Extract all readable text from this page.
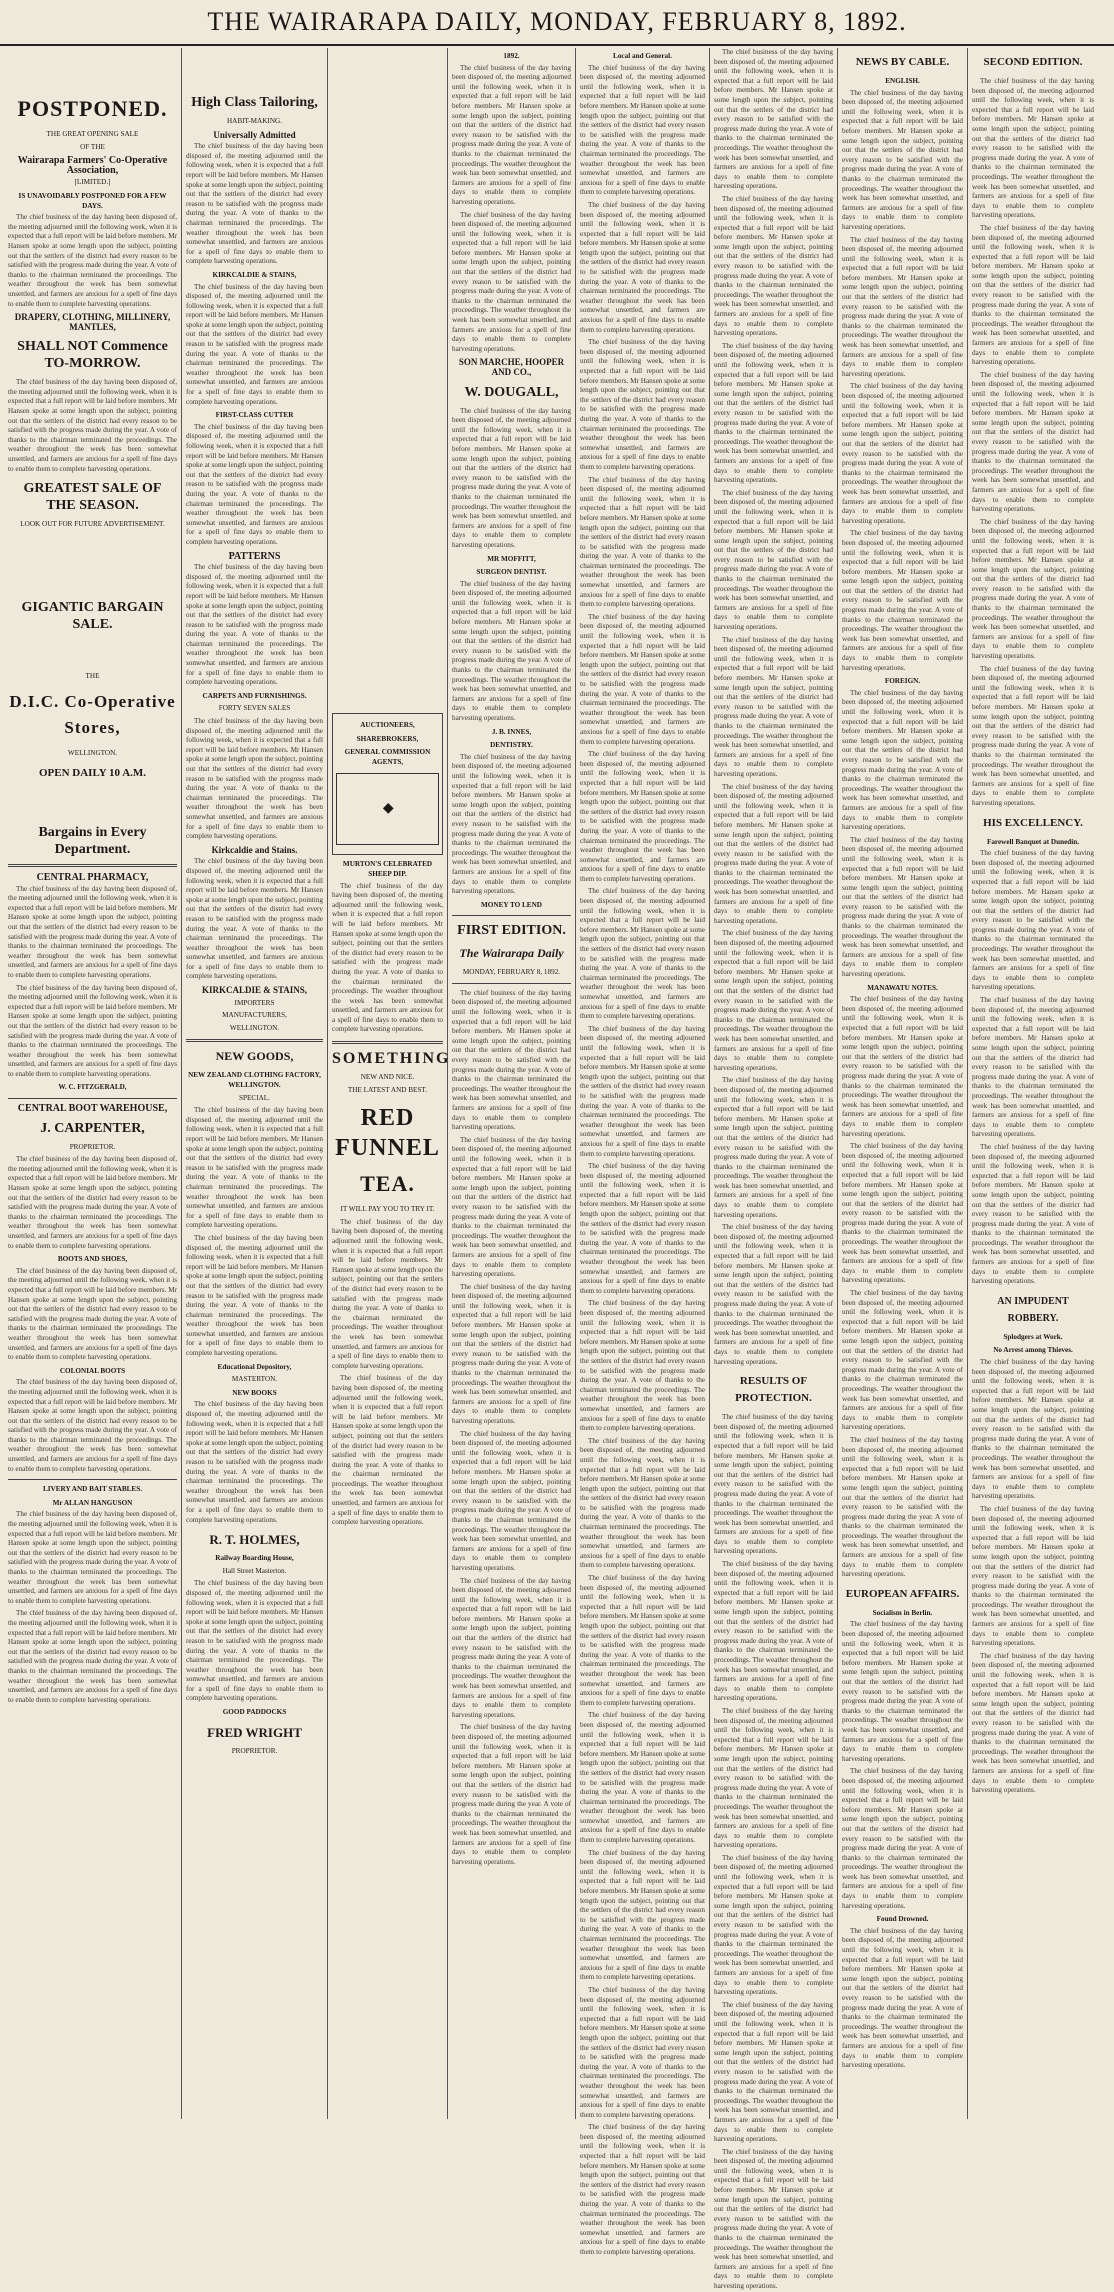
THE WAIRARAPA DAILY, MONDAY, FEBRUARY 8, 1892.
POSTPONED.
THE GREAT OPENING SALE
OF THE
Wairarapa Farmers' Co-Operative Association,
[LIMITED.]
IS UNAVOIDABLY POSTPONED FOR A FEW DAYS.

The chief business of the day having been disposed of, the meeting adjourned until the following week, when it is expected that a full report will be laid before members. Mr Hansen spoke at some length upon the subject, pointing out that the settlers of the district had every reason to be satisfied with the progress made during the year. A vote of thanks to the chairman terminated the proceedings. The weather throughout the week has been somewhat unsettled, and farmers are anxious for a spell of fine days to enable them to complete harvesting operations.

DRAPERY, CLOTHING, MILLINERY, MANTLES,
SHALL NOT Commence TO-MORROW.

The chief business of the day having been disposed of, the meeting adjourned until the following week, when it is expected that a full report will be laid before members. Mr Hansen spoke at some length upon the subject, pointing out that the settlers of the district had every reason to be satisfied with the progress made during the year. A vote of thanks to the chairman terminated the proceedings. The weather throughout the week has been somewhat unsettled, and farmers are anxious for a spell of fine days to enable them to complete harvesting operations.

GREATEST SALE OF THE SEASON.
LOOK OUT FOR FUTURE ADVERTISEMENT.
GIGANTIC BARGAIN SALE.
THE
D.I.C. Co-Operative Stores,
WELLINGTON.
OPEN DAILY 10 A.M.
Bargains in Every Department.
CENTRAL PHARMACY,

The chief business of the day having been disposed of, the meeting adjourned until the following week, when it is expected that a full report will be laid before members. Mr Hansen spoke at some length upon the subject, pointing out that the settlers of the district had every reason to be satisfied with the progress made during the year. A vote of thanks to the chairman terminated the proceedings. The weather throughout the week has been somewhat unsettled, and farmers are anxious for a spell of fine days to enable them to complete harvesting operations.

The chief business of the day having been disposed of, the meeting adjourned until the following week, when it is expected that a full report will be laid before members. Mr Hansen spoke at some length upon the subject, pointing out that the settlers of the district had every reason to be satisfied with the progress made during the year. A vote of thanks to the chairman terminated the proceedings. The weather throughout the week has been somewhat unsettled, and farmers are anxious for a spell of fine days to enable them to complete harvesting operations.

W. C. FITZGERALD,
CENTRAL BOOT WAREHOUSE,
J. CARPENTER,
PROPRIETOR.

The chief business of the day having been disposed of, the meeting adjourned until the following week, when it is expected that a full report will be laid before members. Mr Hansen spoke at some length upon the subject, pointing out that the settlers of the district had every reason to be satisfied with the progress made during the year. A vote of thanks to the chairman terminated the proceedings. The weather throughout the week has been somewhat unsettled, and farmers are anxious for a spell of fine days to enable them to complete harvesting operations.

BOOTS AND SHOES,

The chief business of the day having been disposed of, the meeting adjourned until the following week, when it is expected that a full report will be laid before members. Mr Hansen spoke at some length upon the subject, pointing out that the settlers of the district had every reason to be satisfied with the progress made during the year. A vote of thanks to the chairman terminated the proceedings. The weather throughout the week has been somewhat unsettled, and farmers are anxious for a spell of fine days to enable them to complete harvesting operations.

COLONIAL BOOTS

The chief business of the day having been disposed of, the meeting adjourned until the following week, when it is expected that a full report will be laid before members. Mr Hansen spoke at some length upon the subject, pointing out that the settlers of the district had every reason to be satisfied with the progress made during the year. A vote of thanks to the chairman terminated the proceedings. The weather throughout the week has been somewhat unsettled, and farmers are anxious for a spell of fine days to enable them to complete harvesting operations.

LIVERY AND BAIT STABLES.
Mr ALLAN HANGUSON

The chief business of the day having been disposed of, the meeting adjourned until the following week, when it is expected that a full report will be laid before members. Mr Hansen spoke at some length upon the subject, pointing out that the settlers of the district had every reason to be satisfied with the progress made during the year. A vote of thanks to the chairman terminated the proceedings. The weather throughout the week has been somewhat unsettled, and farmers are anxious for a spell of fine days to enable them to complete harvesting operations.

The chief business of the day having been disposed of, the meeting adjourned until the following week, when it is expected that a full report will be laid before members. Mr Hansen spoke at some length upon the subject, pointing out that the settlers of the district had every reason to be satisfied with the progress made during the year. A vote of thanks to the chairman terminated the proceedings. The weather throughout the week has been somewhat unsettled, and farmers are anxious for a spell of fine days to enable them to complete harvesting operations.

High Class Tailoring,
HABIT-MAKING.
Universally Admitted

The chief business of the day having been disposed of, the meeting adjourned until the following week, when it is expected that a full report will be laid before members. Mr Hansen spoke at some length upon the subject, pointing out that the settlers of the district had every reason to be satisfied with the progress made during the year. A vote of thanks to the chairman terminated the proceedings. The weather throughout the week has been somewhat unsettled, and farmers are anxious for a spell of fine days to enable them to complete harvesting operations.

KIRKCALDIE & STAINS,

The chief business of the day having been disposed of, the meeting adjourned until the following week, when it is expected that a full report will be laid before members. Mr Hansen spoke at some length upon the subject, pointing out that the settlers of the district had every reason to be satisfied with the progress made during the year. A vote of thanks to the chairman terminated the proceedings. The weather throughout the week has been somewhat unsettled, and farmers are anxious for a spell of fine days to enable them to complete harvesting operations.

FIRST-CLASS CUTTER

The chief business of the day having been disposed of, the meeting adjourned until the following week, when it is expected that a full report will be laid before members. Mr Hansen spoke at some length upon the subject, pointing out that the settlers of the district had every reason to be satisfied with the progress made during the year. A vote of thanks to the chairman terminated the proceedings. The weather throughout the week has been somewhat unsettled, and farmers are anxious for a spell of fine days to enable them to complete harvesting operations.

PATTERNS

The chief business of the day having been disposed of, the meeting adjourned until the following week, when it is expected that a full report will be laid before members. Mr Hansen spoke at some length upon the subject, pointing out that the settlers of the district had every reason to be satisfied with the progress made during the year. A vote of thanks to the chairman terminated the proceedings. The weather throughout the week has been somewhat unsettled, and farmers are anxious for a spell of fine days to enable them to complete harvesting operations.

CARPETS AND FURNISHINGS.
FORTY SEVEN SALES

The chief business of the day having been disposed of, the meeting adjourned until the following week, when it is expected that a full report will be laid before members. Mr Hansen spoke at some length upon the subject, pointing out that the settlers of the district had every reason to be satisfied with the progress made during the year. A vote of thanks to the chairman terminated the proceedings. The weather throughout the week has been somewhat unsettled, and farmers are anxious for a spell of fine days to enable them to complete harvesting operations.

Kirkcaldie and Stains.

The chief business of the day having been disposed of, the meeting adjourned until the following week, when it is expected that a full report will be laid before members. Mr Hansen spoke at some length upon the subject, pointing out that the settlers of the district had every reason to be satisfied with the progress made during the year. A vote of thanks to the chairman terminated the proceedings. The weather throughout the week has been somewhat unsettled, and farmers are anxious for a spell of fine days to enable them to complete harvesting operations.

KIRKCALDIE & STAINS,
IMPORTERS
MANUFACTURERS,
WELLINGTON.
NEW GOODS,
NEW ZEALAND CLOTHING FACTORY, WELLINGTON.
SPECIAL.

The chief business of the day having been disposed of, the meeting adjourned until the following week, when it is expected that a full report will be laid before members. Mr Hansen spoke at some length upon the subject, pointing out that the settlers of the district had every reason to be satisfied with the progress made during the year. A vote of thanks to the chairman terminated the proceedings. The weather throughout the week has been somewhat unsettled, and farmers are anxious for a spell of fine days to enable them to complete harvesting operations.

The chief business of the day having been disposed of, the meeting adjourned until the following week, when it is expected that a full report will be laid before members. Mr Hansen spoke at some length upon the subject, pointing out that the settlers of the district had every reason to be satisfied with the progress made during the year. A vote of thanks to the chairman terminated the proceedings. The weather throughout the week has been somewhat unsettled, and farmers are anxious for a spell of fine days to enable them to complete harvesting operations.

Educational Depository,
MASTERTON.
NEW BOOKS

The chief business of the day having been disposed of, the meeting adjourned until the following week, when it is expected that a full report will be laid before members. Mr Hansen spoke at some length upon the subject, pointing out that the settlers of the district had every reason to be satisfied with the progress made during the year. A vote of thanks to the chairman terminated the proceedings. The weather throughout the week has been somewhat unsettled, and farmers are anxious for a spell of fine days to enable them to complete harvesting operations.

R. T. HOLMES,
Railway Boarding House,
Hall Street Masterton.

The chief business of the day having been disposed of, the meeting adjourned until the following week, when it is expected that a full report will be laid before members. Mr Hansen spoke at some length upon the subject, pointing out that the settlers of the district had every reason to be satisfied with the progress made during the year. A vote of thanks to the chairman terminated the proceedings. The weather throughout the week has been somewhat unsettled, and farmers are anxious for a spell of fine days to enable them to complete harvesting operations.

GOOD PADDOCKS
FRED WRIGHT
PROPRIETOR.
AUCTIONEERS,
SHAREBROKERS,
GENERAL COMMISSION AGENTS,
◆
MURTON'S CELEBRATED SHEEP DIP.

The chief business of the day having been disposed of, the meeting adjourned until the following week, when it is expected that a full report will be laid before members. Mr Hansen spoke at some length upon the subject, pointing out that the settlers of the district had every reason to be satisfied with the progress made during the year. A vote of thanks to the chairman terminated the proceedings. The weather throughout the week has been somewhat unsettled, and farmers are anxious for a spell of fine days to enable them to complete harvesting operations.

SOMETHING
NEW AND NICE.
THE LATEST AND BEST.
RED FUNNEL
TEA.
IT WILL PAY YOU TO TRY IT.

The chief business of the day having been disposed of, the meeting adjourned until the following week, when it is expected that a full report will be laid before members. Mr Hansen spoke at some length upon the subject, pointing out that the settlers of the district had every reason to be satisfied with the progress made during the year. A vote of thanks to the chairman terminated the proceedings. The weather throughout the week has been somewhat unsettled, and farmers are anxious for a spell of fine days to enable them to complete harvesting operations.

The chief business of the day having been disposed of, the meeting adjourned until the following week, when it is expected that a full report will be laid before members. Mr Hansen spoke at some length upon the subject, pointing out that the settlers of the district had every reason to be satisfied with the progress made during the year. A vote of thanks to the chairman terminated the proceedings. The weather throughout the week has been somewhat unsettled, and farmers are anxious for a spell of fine days to enable them to complete harvesting operations.

1892.

The chief business of the day having been disposed of, the meeting adjourned until the following week, when it is expected that a full report will be laid before members. Mr Hansen spoke at some length upon the subject, pointing out that the settlers of the district had every reason to be satisfied with the progress made during the year. A vote of thanks to the chairman terminated the proceedings. The weather throughout the week has been somewhat unsettled, and farmers are anxious for a spell of fine days to enable them to complete harvesting operations.

The chief business of the day having been disposed of, the meeting adjourned until the following week, when it is expected that a full report will be laid before members. Mr Hansen spoke at some length upon the subject, pointing out that the settlers of the district had every reason to be satisfied with the progress made during the year. A vote of thanks to the chairman terminated the proceedings. The weather throughout the week has been somewhat unsettled, and farmers are anxious for a spell of fine days to enable them to complete harvesting operations.

SON MARCHE, HOOPER AND CO.,
W. DOUGALL,

The chief business of the day having been disposed of, the meeting adjourned until the following week, when it is expected that a full report will be laid before members. Mr Hansen spoke at some length upon the subject, pointing out that the settlers of the district had every reason to be satisfied with the progress made during the year. A vote of thanks to the chairman terminated the proceedings. The weather throughout the week has been somewhat unsettled, and farmers are anxious for a spell of fine days to enable them to complete harvesting operations.

MR MOFFITT,
SURGEON DENTIST.

The chief business of the day having been disposed of, the meeting adjourned until the following week, when it is expected that a full report will be laid before members. Mr Hansen spoke at some length upon the subject, pointing out that the settlers of the district had every reason to be satisfied with the progress made during the year. A vote of thanks to the chairman terminated the proceedings. The weather throughout the week has been somewhat unsettled, and farmers are anxious for a spell of fine days to enable them to complete harvesting operations.

J. B. INNES,
DENTISTRY.

The chief business of the day having been disposed of, the meeting adjourned until the following week, when it is expected that a full report will be laid before members. Mr Hansen spoke at some length upon the subject, pointing out that the settlers of the district had every reason to be satisfied with the progress made during the year. A vote of thanks to the chairman terminated the proceedings. The weather throughout the week has been somewhat unsettled, and farmers are anxious for a spell of fine days to enable them to complete harvesting operations.

MONEY TO LEND
FIRST EDITION.
The Wairarapa Daily
MONDAY, FEBRUARY 8, 1892.

The chief business of the day having been disposed of, the meeting adjourned until the following week, when it is expected that a full report will be laid before members. Mr Hansen spoke at some length upon the subject, pointing out that the settlers of the district had every reason to be satisfied with the progress made during the year. A vote of thanks to the chairman terminated the proceedings. The weather throughout the week has been somewhat unsettled, and farmers are anxious for a spell of fine days to enable them to complete harvesting operations.

The chief business of the day having been disposed of, the meeting adjourned until the following week, when it is expected that a full report will be laid before members. Mr Hansen spoke at some length upon the subject, pointing out that the settlers of the district had every reason to be satisfied with the progress made during the year. A vote of thanks to the chairman terminated the proceedings. The weather throughout the week has been somewhat unsettled, and farmers are anxious for a spell of fine days to enable them to complete harvesting operations.

The chief business of the day having been disposed of, the meeting adjourned until the following week, when it is expected that a full report will be laid before members. Mr Hansen spoke at some length upon the subject, pointing out that the settlers of the district had every reason to be satisfied with the progress made during the year. A vote of thanks to the chairman terminated the proceedings. The weather throughout the week has been somewhat unsettled, and farmers are anxious for a spell of fine days to enable them to complete harvesting operations.

The chief business of the day having been disposed of, the meeting adjourned until the following week, when it is expected that a full report will be laid before members. Mr Hansen spoke at some length upon the subject, pointing out that the settlers of the district had every reason to be satisfied with the progress made during the year. A vote of thanks to the chairman terminated the proceedings. The weather throughout the week has been somewhat unsettled, and farmers are anxious for a spell of fine days to enable them to complete harvesting operations.

The chief business of the day having been disposed of, the meeting adjourned until the following week, when it is expected that a full report will be laid before members. Mr Hansen spoke at some length upon the subject, pointing out that the settlers of the district had every reason to be satisfied with the progress made during the year. A vote of thanks to the chairman terminated the proceedings. The weather throughout the week has been somewhat unsettled, and farmers are anxious for a spell of fine days to enable them to complete harvesting operations.

The chief business of the day having been disposed of, the meeting adjourned until the following week, when it is expected that a full report will be laid before members. Mr Hansen spoke at some length upon the subject, pointing out that the settlers of the district had every reason to be satisfied with the progress made during the year. A vote of thanks to the chairman terminated the proceedings. The weather throughout the week has been somewhat unsettled, and farmers are anxious for a spell of fine days to enable them to complete harvesting operations.

Local and General.

The chief business of the day having been disposed of, the meeting adjourned until the following week, when it is expected that a full report will be laid before members. Mr Hansen spoke at some length upon the subject, pointing out that the settlers of the district had every reason to be satisfied with the progress made during the year. A vote of thanks to the chairman terminated the proceedings. The weather throughout the week has been somewhat unsettled, and farmers are anxious for a spell of fine days to enable them to complete harvesting operations.

The chief business of the day having been disposed of, the meeting adjourned until the following week, when it is expected that a full report will be laid before members. Mr Hansen spoke at some length upon the subject, pointing out that the settlers of the district had every reason to be satisfied with the progress made during the year. A vote of thanks to the chairman terminated the proceedings. The weather throughout the week has been somewhat unsettled, and farmers are anxious for a spell of fine days to enable them to complete harvesting operations.

The chief business of the day having been disposed of, the meeting adjourned until the following week, when it is expected that a full report will be laid before members. Mr Hansen spoke at some length upon the subject, pointing out that the settlers of the district had every reason to be satisfied with the progress made during the year. A vote of thanks to the chairman terminated the proceedings. The weather throughout the week has been somewhat unsettled, and farmers are anxious for a spell of fine days to enable them to complete harvesting operations.

The chief business of the day having been disposed of, the meeting adjourned until the following week, when it is expected that a full report will be laid before members. Mr Hansen spoke at some length upon the subject, pointing out that the settlers of the district had every reason to be satisfied with the progress made during the year. A vote of thanks to the chairman terminated the proceedings. The weather throughout the week has been somewhat unsettled, and farmers are anxious for a spell of fine days to enable them to complete harvesting operations.

The chief business of the day having been disposed of, the meeting adjourned until the following week, when it is expected that a full report will be laid before members. Mr Hansen spoke at some length upon the subject, pointing out that the settlers of the district had every reason to be satisfied with the progress made during the year. A vote of thanks to the chairman terminated the proceedings. The weather throughout the week has been somewhat unsettled, and farmers are anxious for a spell of fine days to enable them to complete harvesting operations.

The chief business of the day having been disposed of, the meeting adjourned until the following week, when it is expected that a full report will be laid before members. Mr Hansen spoke at some length upon the subject, pointing out that the settlers of the district had every reason to be satisfied with the progress made during the year. A vote of thanks to the chairman terminated the proceedings. The weather throughout the week has been somewhat unsettled, and farmers are anxious for a spell of fine days to enable them to complete harvesting operations.

The chief business of the day having been disposed of, the meeting adjourned until the following week, when it is expected that a full report will be laid before members. Mr Hansen spoke at some length upon the subject, pointing out that the settlers of the district had every reason to be satisfied with the progress made during the year. A vote of thanks to the chairman terminated the proceedings. The weather throughout the week has been somewhat unsettled, and farmers are anxious for a spell of fine days to enable them to complete harvesting operations.

The chief business of the day having been disposed of, the meeting adjourned until the following week, when it is expected that a full report will be laid before members. Mr Hansen spoke at some length upon the subject, pointing out that the settlers of the district had every reason to be satisfied with the progress made during the year. A vote of thanks to the chairman terminated the proceedings. The weather throughout the week has been somewhat unsettled, and farmers are anxious for a spell of fine days to enable them to complete harvesting operations.

The chief business of the day having been disposed of, the meeting adjourned until the following week, when it is expected that a full report will be laid before members. Mr Hansen spoke at some length upon the subject, pointing out that the settlers of the district had every reason to be satisfied with the progress made during the year. A vote of thanks to the chairman terminated the proceedings. The weather throughout the week has been somewhat unsettled, and farmers are anxious for a spell of fine days to enable them to complete harvesting operations.

The chief business of the day having been disposed of, the meeting adjourned until the following week, when it is expected that a full report will be laid before members. Mr Hansen spoke at some length upon the subject, pointing out that the settlers of the district had every reason to be satisfied with the progress made during the year. A vote of thanks to the chairman terminated the proceedings. The weather throughout the week has been somewhat unsettled, and farmers are anxious for a spell of fine days to enable them to complete harvesting operations.

The chief business of the day having been disposed of, the meeting adjourned until the following week, when it is expected that a full report will be laid before members. Mr Hansen spoke at some length upon the subject, pointing out that the settlers of the district had every reason to be satisfied with the progress made during the year. A vote of thanks to the chairman terminated the proceedings. The weather throughout the week has been somewhat unsettled, and farmers are anxious for a spell of fine days to enable them to complete harvesting operations.

The chief business of the day having been disposed of, the meeting adjourned until the following week, when it is expected that a full report will be laid before members. Mr Hansen spoke at some length upon the subject, pointing out that the settlers of the district had every reason to be satisfied with the progress made during the year. A vote of thanks to the chairman terminated the proceedings. The weather throughout the week has been somewhat unsettled, and farmers are anxious for a spell of fine days to enable them to complete harvesting operations.

The chief business of the day having been disposed of, the meeting adjourned until the following week, when it is expected that a full report will be laid before members. Mr Hansen spoke at some length upon the subject, pointing out that the settlers of the district had every reason to be satisfied with the progress made during the year. A vote of thanks to the chairman terminated the proceedings. The weather throughout the week has been somewhat unsettled, and farmers are anxious for a spell of fine days to enable them to complete harvesting operations.

The chief business of the day having been disposed of, the meeting adjourned until the following week, when it is expected that a full report will be laid before members. Mr Hansen spoke at some length upon the subject, pointing out that the settlers of the district had every reason to be satisfied with the progress made during the year. A vote of thanks to the chairman terminated the proceedings. The weather throughout the week has been somewhat unsettled, and farmers are anxious for a spell of fine days to enable them to complete harvesting operations.

The chief business of the day having been disposed of, the meeting adjourned until the following week, when it is expected that a full report will be laid before members. Mr Hansen spoke at some length upon the subject, pointing out that the settlers of the district had every reason to be satisfied with the progress made during the year. A vote of thanks to the chairman terminated the proceedings. The weather throughout the week has been somewhat unsettled, and farmers are anxious for a spell of fine days to enable them to complete harvesting operations.

The chief business of the day having been disposed of, the meeting adjourned until the following week, when it is expected that a full report will be laid before members. Mr Hansen spoke at some length upon the subject, pointing out that the settlers of the district had every reason to be satisfied with the progress made during the year. A vote of thanks to the chairman terminated the proceedings. The weather throughout the week has been somewhat unsettled, and farmers are anxious for a spell of fine days to enable them to complete harvesting operations.

The chief business of the day having been disposed of, the meeting adjourned until the following week, when it is expected that a full report will be laid before members. Mr Hansen spoke at some length upon the subject, pointing out that the settlers of the district had every reason to be satisfied with the progress made during the year. A vote of thanks to the chairman terminated the proceedings. The weather throughout the week has been somewhat unsettled, and farmers are anxious for a spell of fine days to enable them to complete harvesting operations.

The chief business of the day having been disposed of, the meeting adjourned until the following week, when it is expected that a full report will be laid before members. Mr Hansen spoke at some length upon the subject, pointing out that the settlers of the district had every reason to be satisfied with the progress made during the year. A vote of thanks to the chairman terminated the proceedings. The weather throughout the week has been somewhat unsettled, and farmers are anxious for a spell of fine days to enable them to complete harvesting operations.

The chief business of the day having been disposed of, the meeting adjourned until the following week, when it is expected that a full report will be laid before members. Mr Hansen spoke at some length upon the subject, pointing out that the settlers of the district had every reason to be satisfied with the progress made during the year. A vote of thanks to the chairman terminated the proceedings. The weather throughout the week has been somewhat unsettled, and farmers are anxious for a spell of fine days to enable them to complete harvesting operations.

The chief business of the day having been disposed of, the meeting adjourned until the following week, when it is expected that a full report will be laid before members. Mr Hansen spoke at some length upon the subject, pointing out that the settlers of the district had every reason to be satisfied with the progress made during the year. A vote of thanks to the chairman terminated the proceedings. The weather throughout the week has been somewhat unsettled, and farmers are anxious for a spell of fine days to enable them to complete harvesting operations.

The chief business of the day having been disposed of, the meeting adjourned until the following week, when it is expected that a full report will be laid before members. Mr Hansen spoke at some length upon the subject, pointing out that the settlers of the district had every reason to be satisfied with the progress made during the year. A vote of thanks to the chairman terminated the proceedings. The weather throughout the week has been somewhat unsettled, and farmers are anxious for a spell of fine days to enable them to complete harvesting operations.

The chief business of the day having been disposed of, the meeting adjourned until the following week, when it is expected that a full report will be laid before members. Mr Hansen spoke at some length upon the subject, pointing out that the settlers of the district had every reason to be satisfied with the progress made during the year. A vote of thanks to the chairman terminated the proceedings. The weather throughout the week has been somewhat unsettled, and farmers are anxious for a spell of fine days to enable them to complete harvesting operations.

The chief business of the day having been disposed of, the meeting adjourned until the following week, when it is expected that a full report will be laid before members. Mr Hansen spoke at some length upon the subject, pointing out that the settlers of the district had every reason to be satisfied with the progress made during the year. A vote of thanks to the chairman terminated the proceedings. The weather throughout the week has been somewhat unsettled, and farmers are anxious for a spell of fine days to enable them to complete harvesting operations.

The chief business of the day having been disposed of, the meeting adjourned until the following week, when it is expected that a full report will be laid before members. Mr Hansen spoke at some length upon the subject, pointing out that the settlers of the district had every reason to be satisfied with the progress made during the year. A vote of thanks to the chairman terminated the proceedings. The weather throughout the week has been somewhat unsettled, and farmers are anxious for a spell of fine days to enable them to complete harvesting operations.

The chief business of the day having been disposed of, the meeting adjourned until the following week, when it is expected that a full report will be laid before members. Mr Hansen spoke at some length upon the subject, pointing out that the settlers of the district had every reason to be satisfied with the progress made during the year. A vote of thanks to the chairman terminated the proceedings. The weather throughout the week has been somewhat unsettled, and farmers are anxious for a spell of fine days to enable them to complete harvesting operations.

RESULTS OF PROTECTION.

The chief business of the day having been disposed of, the meeting adjourned until the following week, when it is expected that a full report will be laid before members. Mr Hansen spoke at some length upon the subject, pointing out that the settlers of the district had every reason to be satisfied with the progress made during the year. A vote of thanks to the chairman terminated the proceedings. The weather throughout the week has been somewhat unsettled, and farmers are anxious for a spell of fine days to enable them to complete harvesting operations.

The chief business of the day having been disposed of, the meeting adjourned until the following week, when it is expected that a full report will be laid before members. Mr Hansen spoke at some length upon the subject, pointing out that the settlers of the district had every reason to be satisfied with the progress made during the year. A vote of thanks to the chairman terminated the proceedings. The weather throughout the week has been somewhat unsettled, and farmers are anxious for a spell of fine days to enable them to complete harvesting operations.

The chief business of the day having been disposed of, the meeting adjourned until the following week, when it is expected that a full report will be laid before members. Mr Hansen spoke at some length upon the subject, pointing out that the settlers of the district had every reason to be satisfied with the progress made during the year. A vote of thanks to the chairman terminated the proceedings. The weather throughout the week has been somewhat unsettled, and farmers are anxious for a spell of fine days to enable them to complete harvesting operations.

The chief business of the day having been disposed of, the meeting adjourned until the following week, when it is expected that a full report will be laid before members. Mr Hansen spoke at some length upon the subject, pointing out that the settlers of the district had every reason to be satisfied with the progress made during the year. A vote of thanks to the chairman terminated the proceedings. The weather throughout the week has been somewhat unsettled, and farmers are anxious for a spell of fine days to enable them to complete harvesting operations.

The chief business of the day having been disposed of, the meeting adjourned until the following week, when it is expected that a full report will be laid before members. Mr Hansen spoke at some length upon the subject, pointing out that the settlers of the district had every reason to be satisfied with the progress made during the year. A vote of thanks to the chairman terminated the proceedings. The weather throughout the week has been somewhat unsettled, and farmers are anxious for a spell of fine days to enable them to complete harvesting operations.

The chief business of the day having been disposed of, the meeting adjourned until the following week, when it is expected that a full report will be laid before members. Mr Hansen spoke at some length upon the subject, pointing out that the settlers of the district had every reason to be satisfied with the progress made during the year. A vote of thanks to the chairman terminated the proceedings. The weather throughout the week has been somewhat unsettled, and farmers are anxious for a spell of fine days to enable them to complete harvesting operations.

NEWS BY CABLE.
ENGLISH.

The chief business of the day having been disposed of, the meeting adjourned until the following week, when it is expected that a full report will be laid before members. Mr Hansen spoke at some length upon the subject, pointing out that the settlers of the district had every reason to be satisfied with the progress made during the year. A vote of thanks to the chairman terminated the proceedings. The weather throughout the week has been somewhat unsettled, and farmers are anxious for a spell of fine days to enable them to complete harvesting operations.

The chief business of the day having been disposed of, the meeting adjourned until the following week, when it is expected that a full report will be laid before members. Mr Hansen spoke at some length upon the subject, pointing out that the settlers of the district had every reason to be satisfied with the progress made during the year. A vote of thanks to the chairman terminated the proceedings. The weather throughout the week has been somewhat unsettled, and farmers are anxious for a spell of fine days to enable them to complete harvesting operations.

The chief business of the day having been disposed of, the meeting adjourned until the following week, when it is expected that a full report will be laid before members. Mr Hansen spoke at some length upon the subject, pointing out that the settlers of the district had every reason to be satisfied with the progress made during the year. A vote of thanks to the chairman terminated the proceedings. The weather throughout the week has been somewhat unsettled, and farmers are anxious for a spell of fine days to enable them to complete harvesting operations.

The chief business of the day having been disposed of, the meeting adjourned until the following week, when it is expected that a full report will be laid before members. Mr Hansen spoke at some length upon the subject, pointing out that the settlers of the district had every reason to be satisfied with the progress made during the year. A vote of thanks to the chairman terminated the proceedings. The weather throughout the week has been somewhat unsettled, and farmers are anxious for a spell of fine days to enable them to complete harvesting operations.

FOREIGN.

The chief business of the day having been disposed of, the meeting adjourned until the following week, when it is expected that a full report will be laid before members. Mr Hansen spoke at some length upon the subject, pointing out that the settlers of the district had every reason to be satisfied with the progress made during the year. A vote of thanks to the chairman terminated the proceedings. The weather throughout the week has been somewhat unsettled, and farmers are anxious for a spell of fine days to enable them to complete harvesting operations.

The chief business of the day having been disposed of, the meeting adjourned until the following week, when it is expected that a full report will be laid before members. Mr Hansen spoke at some length upon the subject, pointing out that the settlers of the district had every reason to be satisfied with the progress made during the year. A vote of thanks to the chairman terminated the proceedings. The weather throughout the week has been somewhat unsettled, and farmers are anxious for a spell of fine days to enable them to complete harvesting operations.

MANAWATU NOTES.

The chief business of the day having been disposed of, the meeting adjourned until the following week, when it is expected that a full report will be laid before members. Mr Hansen spoke at some length upon the subject, pointing out that the settlers of the district had every reason to be satisfied with the progress made during the year. A vote of thanks to the chairman terminated the proceedings. The weather throughout the week has been somewhat unsettled, and farmers are anxious for a spell of fine days to enable them to complete harvesting operations.

The chief business of the day having been disposed of, the meeting adjourned until the following week, when it is expected that a full report will be laid before members. Mr Hansen spoke at some length upon the subject, pointing out that the settlers of the district had every reason to be satisfied with the progress made during the year. A vote of thanks to the chairman terminated the proceedings. The weather throughout the week has been somewhat unsettled, and farmers are anxious for a spell of fine days to enable them to complete harvesting operations.

The chief business of the day having been disposed of, the meeting adjourned until the following week, when it is expected that a full report will be laid before members. Mr Hansen spoke at some length upon the subject, pointing out that the settlers of the district had every reason to be satisfied with the progress made during the year. A vote of thanks to the chairman terminated the proceedings. The weather throughout the week has been somewhat unsettled, and farmers are anxious for a spell of fine days to enable them to complete harvesting operations.

The chief business of the day having been disposed of, the meeting adjourned until the following week, when it is expected that a full report will be laid before members. Mr Hansen spoke at some length upon the subject, pointing out that the settlers of the district had every reason to be satisfied with the progress made during the year. A vote of thanks to the chairman terminated the proceedings. The weather throughout the week has been somewhat unsettled, and farmers are anxious for a spell of fine days to enable them to complete harvesting operations.

EUROPEAN AFFAIRS.
Socialism in Berlin.

The chief business of the day having been disposed of, the meeting adjourned until the following week, when it is expected that a full report will be laid before members. Mr Hansen spoke at some length upon the subject, pointing out that the settlers of the district had every reason to be satisfied with the progress made during the year. A vote of thanks to the chairman terminated the proceedings. The weather throughout the week has been somewhat unsettled, and farmers are anxious for a spell of fine days to enable them to complete harvesting operations.

The chief business of the day having been disposed of, the meeting adjourned until the following week, when it is expected that a full report will be laid before members. Mr Hansen spoke at some length upon the subject, pointing out that the settlers of the district had every reason to be satisfied with the progress made during the year. A vote of thanks to the chairman terminated the proceedings. The weather throughout the week has been somewhat unsettled, and farmers are anxious for a spell of fine days to enable them to complete harvesting operations.

Found Drowned.

The chief business of the day having been disposed of, the meeting adjourned until the following week, when it is expected that a full report will be laid before members. Mr Hansen spoke at some length upon the subject, pointing out that the settlers of the district had every reason to be satisfied with the progress made during the year. A vote of thanks to the chairman terminated the proceedings. The weather throughout the week has been somewhat unsettled, and farmers are anxious for a spell of fine days to enable them to complete harvesting operations.

SECOND EDITION.

The chief business of the day having been disposed of, the meeting adjourned until the following week, when it is expected that a full report will be laid before members. Mr Hansen spoke at some length upon the subject, pointing out that the settlers of the district had every reason to be satisfied with the progress made during the year. A vote of thanks to the chairman terminated the proceedings. The weather throughout the week has been somewhat unsettled, and farmers are anxious for a spell of fine days to enable them to complete harvesting operations.

The chief business of the day having been disposed of, the meeting adjourned until the following week, when it is expected that a full report will be laid before members. Mr Hansen spoke at some length upon the subject, pointing out that the settlers of the district had every reason to be satisfied with the progress made during the year. A vote of thanks to the chairman terminated the proceedings. The weather throughout the week has been somewhat unsettled, and farmers are anxious for a spell of fine days to enable them to complete harvesting operations.

The chief business of the day having been disposed of, the meeting adjourned until the following week, when it is expected that a full report will be laid before members. Mr Hansen spoke at some length upon the subject, pointing out that the settlers of the district had every reason to be satisfied with the progress made during the year. A vote of thanks to the chairman terminated the proceedings. The weather throughout the week has been somewhat unsettled, and farmers are anxious for a spell of fine days to enable them to complete harvesting operations.

The chief business of the day having been disposed of, the meeting adjourned until the following week, when it is expected that a full report will be laid before members. Mr Hansen spoke at some length upon the subject, pointing out that the settlers of the district had every reason to be satisfied with the progress made during the year. A vote of thanks to the chairman terminated the proceedings. The weather throughout the week has been somewhat unsettled, and farmers are anxious for a spell of fine days to enable them to complete harvesting operations.

The chief business of the day having been disposed of, the meeting adjourned until the following week, when it is expected that a full report will be laid before members. Mr Hansen spoke at some length upon the subject, pointing out that the settlers of the district had every reason to be satisfied with the progress made during the year. A vote of thanks to the chairman terminated the proceedings. The weather throughout the week has been somewhat unsettled, and farmers are anxious for a spell of fine days to enable them to complete harvesting operations.

HIS EXCELLENCY.
Farewell Banquet at Dunedin.

The chief business of the day having been disposed of, the meeting adjourned until the following week, when it is expected that a full report will be laid before members. Mr Hansen spoke at some length upon the subject, pointing out that the settlers of the district had every reason to be satisfied with the progress made during the year. A vote of thanks to the chairman terminated the proceedings. The weather throughout the week has been somewhat unsettled, and farmers are anxious for a spell of fine days to enable them to complete harvesting operations.

The chief business of the day having been disposed of, the meeting adjourned until the following week, when it is expected that a full report will be laid before members. Mr Hansen spoke at some length upon the subject, pointing out that the settlers of the district had every reason to be satisfied with the progress made during the year. A vote of thanks to the chairman terminated the proceedings. The weather throughout the week has been somewhat unsettled, and farmers are anxious for a spell of fine days to enable them to complete harvesting operations.

The chief business of the day having been disposed of, the meeting adjourned until the following week, when it is expected that a full report will be laid before members. Mr Hansen spoke at some length upon the subject, pointing out that the settlers of the district had every reason to be satisfied with the progress made during the year. A vote of thanks to the chairman terminated the proceedings. The weather throughout the week has been somewhat unsettled, and farmers are anxious for a spell of fine days to enable them to complete harvesting operations.

AN IMPUDENT ROBBERY.
Splodgers at Work.
No Arrest among Thieves.

The chief business of the day having been disposed of, the meeting adjourned until the following week, when it is expected that a full report will be laid before members. Mr Hansen spoke at some length upon the subject, pointing out that the settlers of the district had every reason to be satisfied with the progress made during the year. A vote of thanks to the chairman terminated the proceedings. The weather throughout the week has been somewhat unsettled, and farmers are anxious for a spell of fine days to enable them to complete harvesting operations.

The chief business of the day having been disposed of, the meeting adjourned until the following week, when it is expected that a full report will be laid before members. Mr Hansen spoke at some length upon the subject, pointing out that the settlers of the district had every reason to be satisfied with the progress made during the year. A vote of thanks to the chairman terminated the proceedings. The weather throughout the week has been somewhat unsettled, and farmers are anxious for a spell of fine days to enable them to complete harvesting operations.

The chief business of the day having been disposed of, the meeting adjourned until the following week, when it is expected that a full report will be laid before members. Mr Hansen spoke at some length upon the subject, pointing out that the settlers of the district had every reason to be satisfied with the progress made during the year. A vote of thanks to the chairman terminated the proceedings. The weather throughout the week has been somewhat unsettled, and farmers are anxious for a spell of fine days to enable them to complete harvesting operations.
